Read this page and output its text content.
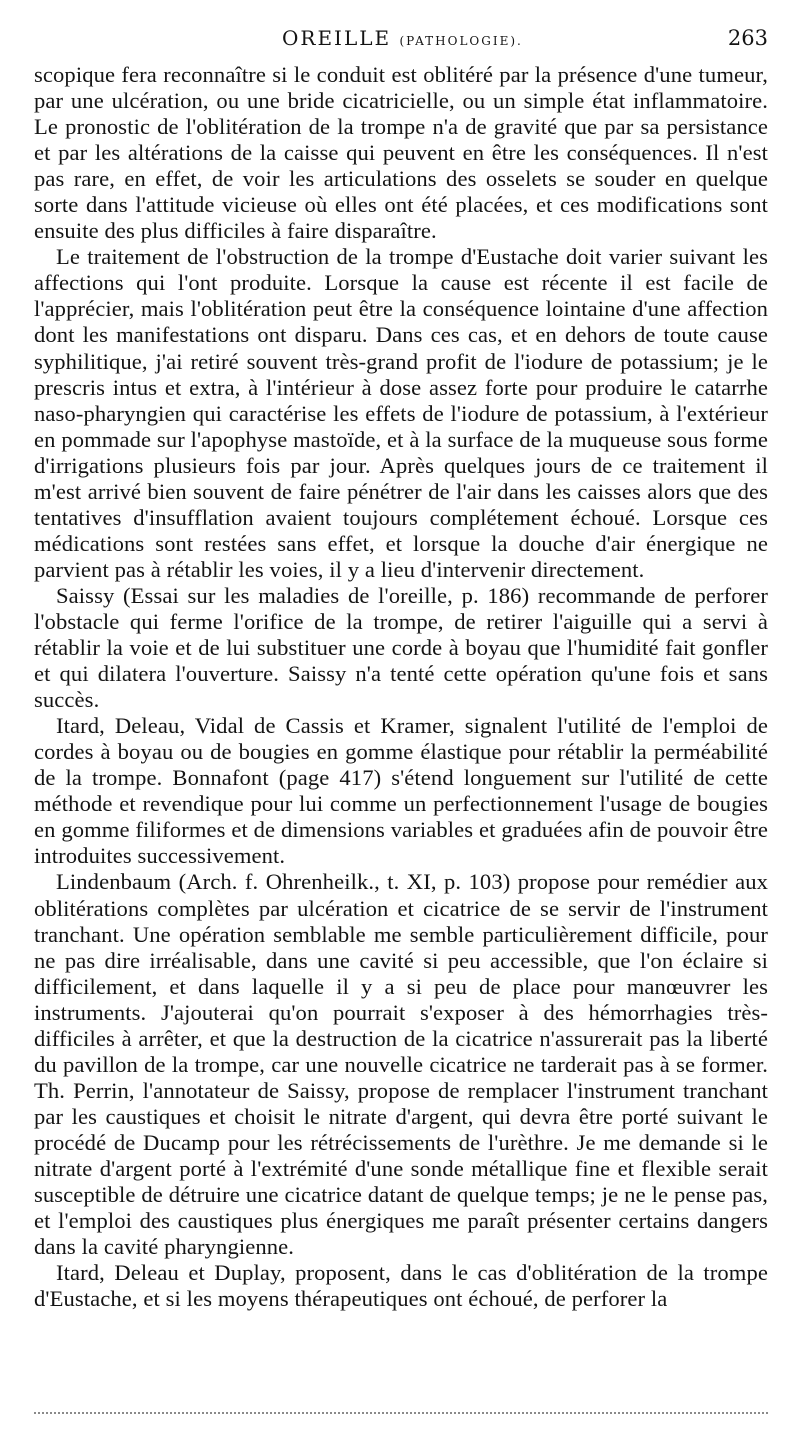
OREILLE (PATHOLOGIE).	263

scopique fera reconnaître si le conduit est oblitéré par la présence d'une tumeur, par une ulcération, ou une bride cicatricielle, ou un simple état inflammatoire. Le pronostic de l'oblitération de la trompe n'a de gravité que par sa persistance et par les altérations de la caisse qui peuvent en être les conséquences. Il n'est pas rare, en effet, de voir les articulations des osselets se souder en quelque sorte dans l'attitude vicieuse où elles ont été placées, et ces modifications sont ensuite des plus difficiles à faire disparaître.

Le traitement de l'obstruction de la trompe d'Eustache doit varier suivant les affections qui l'ont produite. Lorsque la cause est récente il est facile de l'apprécier, mais l'oblitération peut être la conséquence lointaine d'une affection dont les manifestations ont disparu. Dans ces cas, et en dehors de toute cause syphilitique, j'ai retiré souvent très-grand profit de l'iodure de potassium; je le prescris intus et extra, à l'intérieur à dose assez forte pour produire le catarrhe naso-pharyngien qui caractérise les effets de l'iodure de potassium, à l'extérieur en pommade sur l'apophyse mastoïde, et à la surface de la muqueuse sous forme d'irrigations plusieurs fois par jour. Après quelques jours de ce traitement il m'est arrivé bien souvent de faire pénétrer de l'air dans les caisses alors que des tentatives d'insufflation avaient toujours complétement échoué. Lorsque ces médications sont restées sans effet, et lorsque la douche d'air énergique ne parvient pas à rétablir les voies, il y a lieu d'intervenir directement.

Saissy (Essai sur les maladies de l'oreille, p. 186) recommande de perforer l'obstacle qui ferme l'orifice de la trompe, de retirer l'aiguille qui a servi à rétablir la voie et de lui substituer une corde à boyau que l'humidité fait gonfler et qui dilatera l'ouverture. Saissy n'a tenté cette opération qu'une fois et sans succès.

Itard, Deleau, Vidal de Cassis et Kramer, signalent l'utilité de l'emploi de cordes à boyau ou de bougies en gomme élastique pour rétablir la perméabilité de la trompe. Bonnafont (page 417) s'étend longuement sur l'utilité de cette méthode et revendique pour lui comme un perfectionnement l'usage de bougies en gomme filiformes et de dimensions variables et graduées afin de pouvoir être introduites successivement.

Lindenbaum (Arch. f. Ohrenheilk., t. XI, p. 103) propose pour remédier aux oblitérations complètes par ulcération et cicatrice de se servir de l'instrument tranchant. Une opération semblable me semble particulièrement difficile, pour ne pas dire irréalisable, dans une cavité si peu accessible, que l'on éclaire si difficilement, et dans laquelle il y a si peu de place pour manœuvrer les instruments. J'ajouterai qu'on pourrait s'exposer à des hémorrhagies très-difficiles à arrêter, et que la destruction de la cicatrice n'assurerait pas la liberté du pavillon de la trompe, car une nouvelle cicatrice ne tarderait pas à se former. Th. Perrin, l'annotateur de Saissy, propose de remplacer l'instrument tranchant par les caustiques et choisit le nitrate d'argent, qui devra être porté suivant le procédé de Ducamp pour les rétrécissements de l'urèthre. Je me demande si le nitrate d'argent porté à l'extrémité d'une sonde métallique fine et flexible serait susceptible de détruire une cicatrice datant de quelque temps; je ne le pense pas, et l'emploi des caustiques plus énergiques me paraît présenter certains dangers dans la cavité pharyngienne.

Itard, Deleau et Duplay, proposent, dans le cas d'oblitération de la trompe d'Eustache, et si les moyens thérapeutiques ont échoué, de perforer la
